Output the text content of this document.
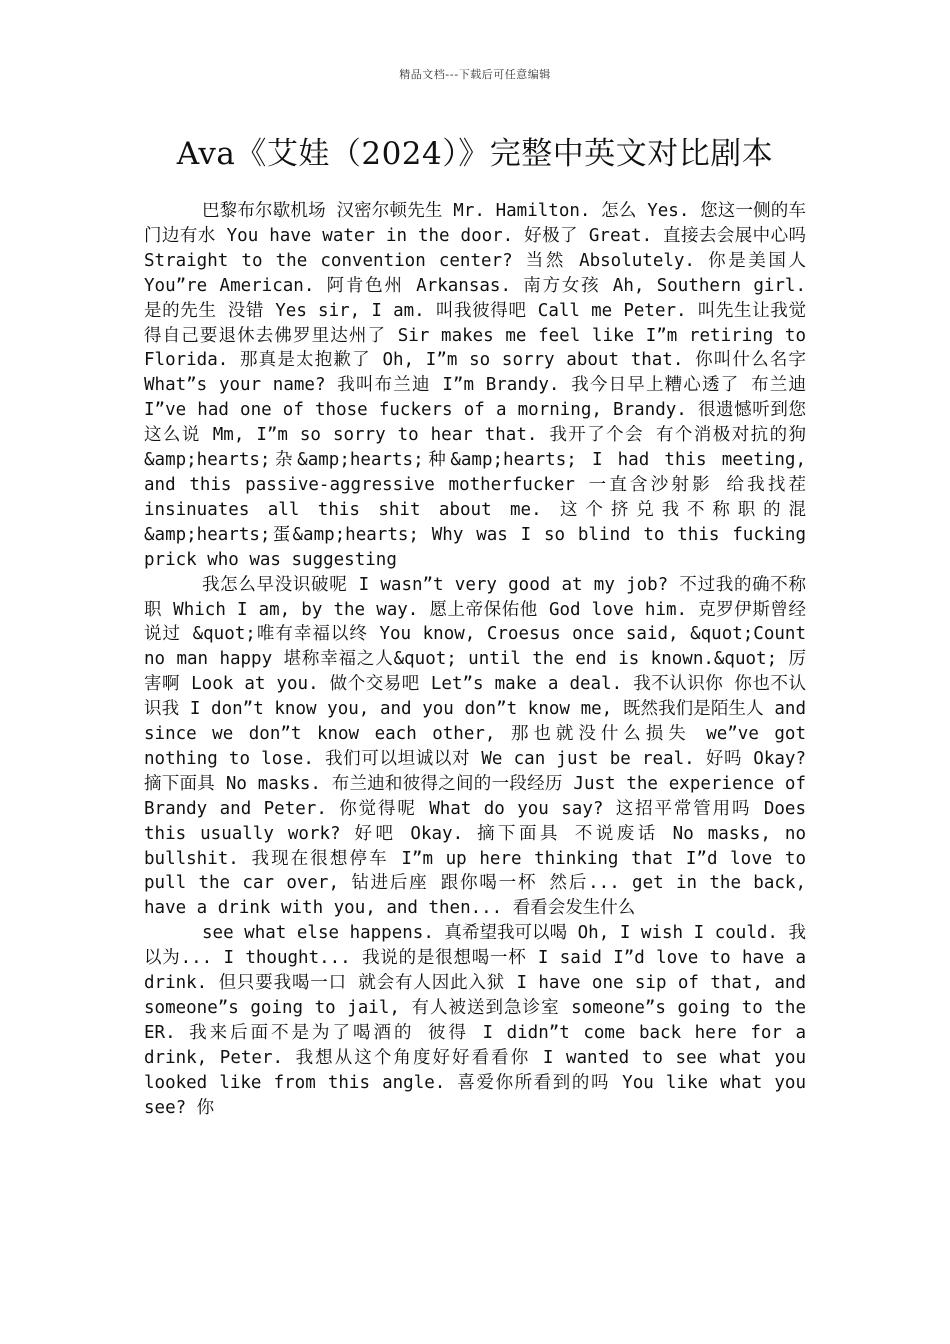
精品文档---下载后可任意编辑
Ava《艾娃（2024）》完整中英文对比剧本

巴黎布尔歇机场 汉密尔顿先生 Mr. Hamilton. 怎么 Yes. 您这一侧的车门边有水 You have water in the door. 好极了 Great. 直接去会展中心吗 Straight to the convention center? 当然 Absolutely. 你是美国人 You”re American. 阿肯色州 Arkansas. 南方女孩 Ah, Southern girl. 是的先生 没错 Yes sir, I am. 叫我彼得吧 Call me Peter. 叫先生让我觉得自己要退休去佛罗里达州了 Sir makes me feel like I”m retiring to Florida. 那真是太抱歉了 Oh, I”m so sorry about that. 你叫什么名字 What”s your name? 我叫布兰迪 I”m Brandy. 我今日早上糟心透了 布兰迪 I”ve had one of those fuckers of a morning, Brandy. 很遗憾听到您这么说 Mm, I”m so sorry to hear that. 我开了个会 有个消极对抗的狗&amp;hearts;杂&amp;hearts;种&amp;hearts; I had this meeting, and this passive-aggressive motherfucker 一直含沙射影 给我找茬 insinuates all this shit about me. 这个挤兑我不称职的混&amp;hearts;蛋&amp;hearts; Why was I so blind to this fucking prick who was suggesting

我怎么早没识破呢 I wasn”t very good at my job? 不过我的确不称职 Which I am, by the way. 愿上帝保佑他 God love him. 克罗伊斯曾经说过 &quot;唯有幸福以终 You know, Croesus once said, &quot;Count no man happy 堪称幸福之人&quot; until the end is known.&quot; 厉害啊 Look at you. 做个交易吧 Let”s make a deal. 我不认识你 你也不认识我 I don”t know you, and you don”t know me, 既然我们是陌生人 and since we don”t know each other, 那也就没什么损失 we”ve got nothing to lose. 我们可以坦诚以对 We can just be real. 好吗 Okay? 摘下面具 No masks. 布兰迪和彼得之间的一段经历 Just the experience of Brandy and Peter. 你觉得呢 What do you say? 这招平常管用吗 Does this usually work? 好吧 Okay. 摘下面具 不说废话 No masks, no bullshit. 我现在很想停车 I”m up here thinking that I”d love to pull the car over, 钻进后座 跟你喝一杯 然后... get in the back, have a drink with you, and then... 看看会发生什么

see what else happens. 真希望我可以喝 Oh, I wish I could. 我以为... I thought... 我说的是很想喝一杯 I said I”d love to have a drink. 但只要我喝一口 就会有人因此入狱 I have one sip of that, and someone”s going to jail, 有人被送到急诊室 someone”s going to the ER. 我来后面不是为了喝酒的 彼得 I didn”t come back here for a drink, Peter. 我想从这个角度好好看看你 I wanted to see what you looked like from this angle. 喜爱你所看到的吗 You like what you see? 你
